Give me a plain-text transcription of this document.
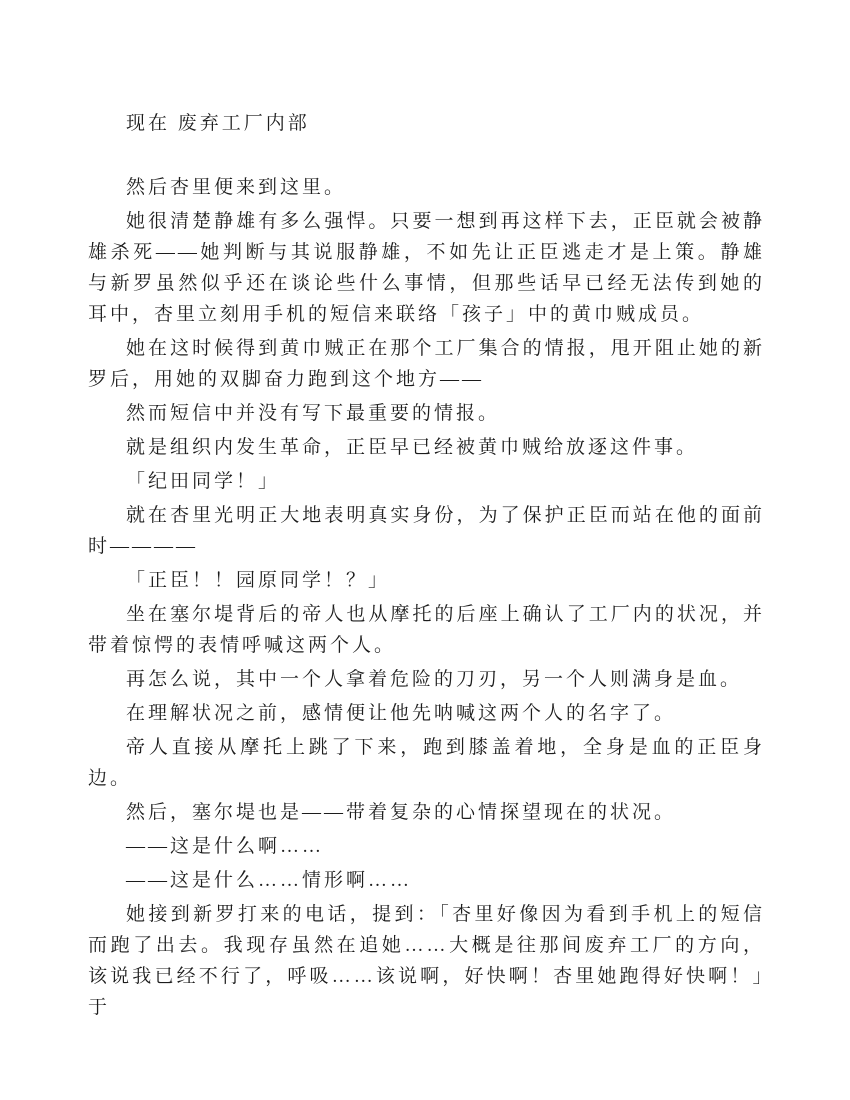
现在 废弃工厂内部

然后杏里便来到这里。

她很清楚静雄有多么强悍。只要一想到再这样下去，正臣就会被静雄杀死——她判断与其说服静雄，不如先让正臣逃走才是上策。静雄与新罗虽然似乎还在谈论些什么事情，但那些话早已经无法传到她的耳中，杏里立刻用手机的短信来联络「孩子」中的黄巾贼成员。

她在这时候得到黄巾贼正在那个工厂集合的情报，甩开阻止她的新罗后，用她的双脚奋力跑到这个地方——

然而短信中并没有写下最重要的情报。

就是组织内发生革命，正臣早已经被黄巾贼给放逐这件事。

「纪田同学！」

就在杏里光明正大地表明真实身份，为了保护正臣而站在他的面前时————

「正臣！！园原同学！？」

坐在塞尔堤背后的帝人也从摩托的后座上确认了工厂内的状况，并带着惊愕的表情呼喊这两个人。

再怎么说，其中一个人拿着危险的刀刃，另一个人则满身是血。

在理解状况之前，感情便让他先呐喊这两个人的名字了。

帝人直接从摩托上跳了下来，跑到膝盖着地，全身是血的正臣身边。

然后，塞尔堤也是——带着复杂的心情探望现在的状况。

——这是什么啊……

——这是什么……情形啊……

她接到新罗打来的电话，提到：「杏里好像因为看到手机上的短信而跑了出去。我现存虽然在追她……大概是往那间废弃工厂的方向，该说我已经不行了，呼吸……该说啊，好快啊！杏里她跑得好快啊！」于
